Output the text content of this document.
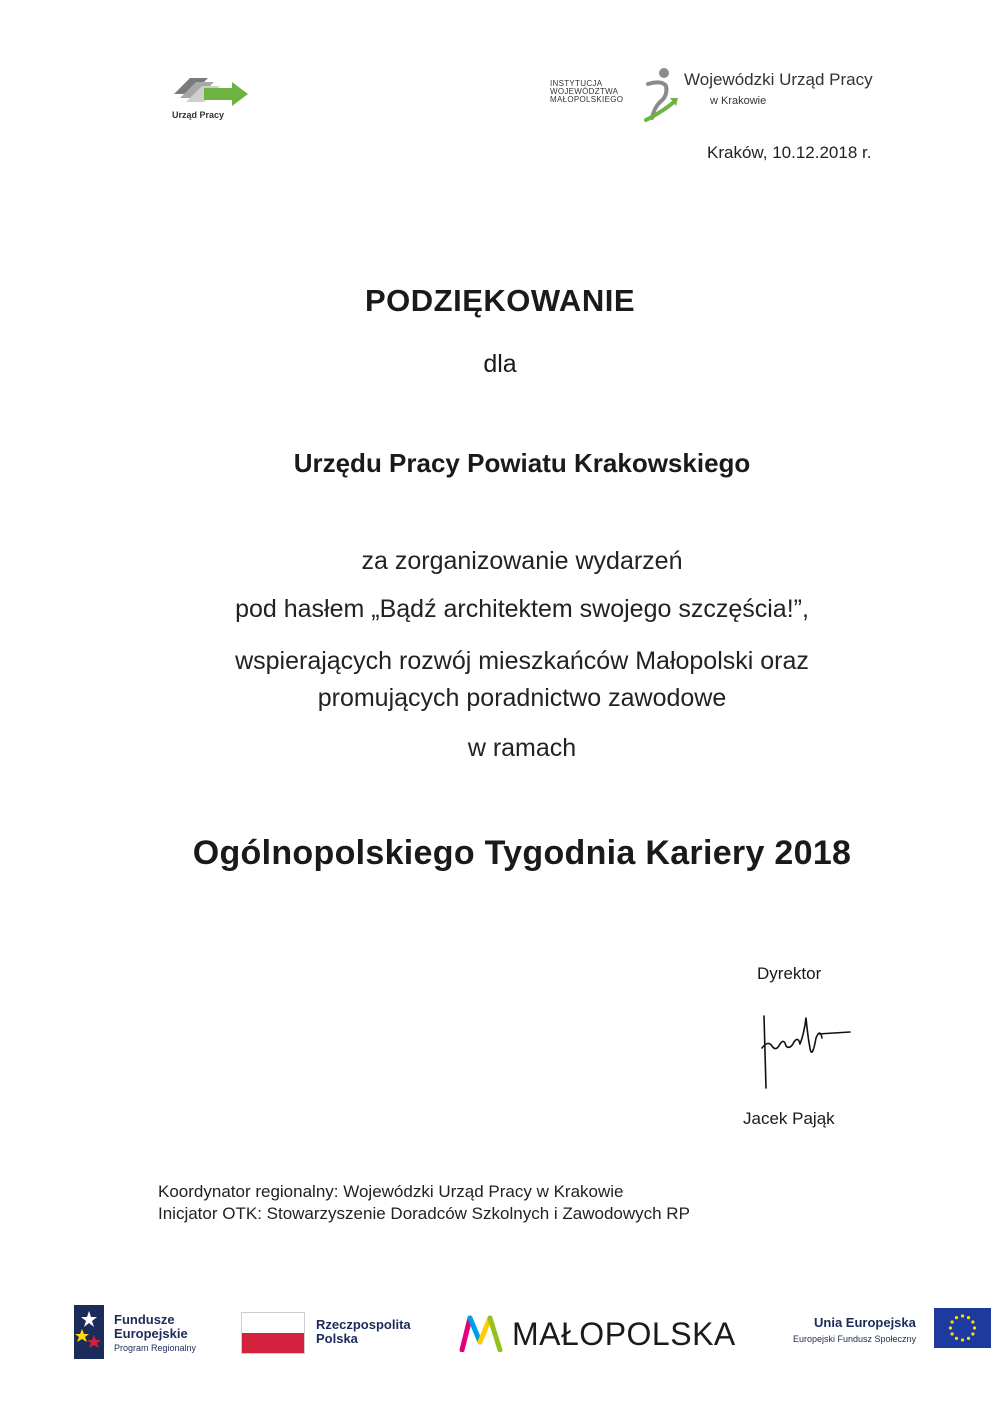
Urząd Pracy
INSTYTUCJA
WOJEWÓDZTWA
MAŁOPOLSKIEGO
Wojewódzki Urząd Pracy
w Krakowie
Kraków, 10.12.2018 r.
PODZIĘKOWANIE
dla
Urzędu Pracy Powiatu Krakowskiego
za zorganizowanie wydarzeń
pod hasłem „Bądź architektem swojego szczęścia!”,
wspierających rozwój mieszkańców Małopolski oraz
promujących poradnictwo zawodowe
w ramach
Ogólnopolskiego Tygodnia Kariery 2018
Dyrektor
Jacek Pająk
Koordynator regionalny: Wojewódzki Urząd Pracy w Krakowie
Inicjator OTK: Stowarzyszenie Doradców Szkolnych i Zawodowych RP
Fundusze
Europejskie
Program Regionalny
Rzeczpospolita
Polska	MAŁOPOLSKA	Unia Europejska
Europejski Fundusz Społeczny
